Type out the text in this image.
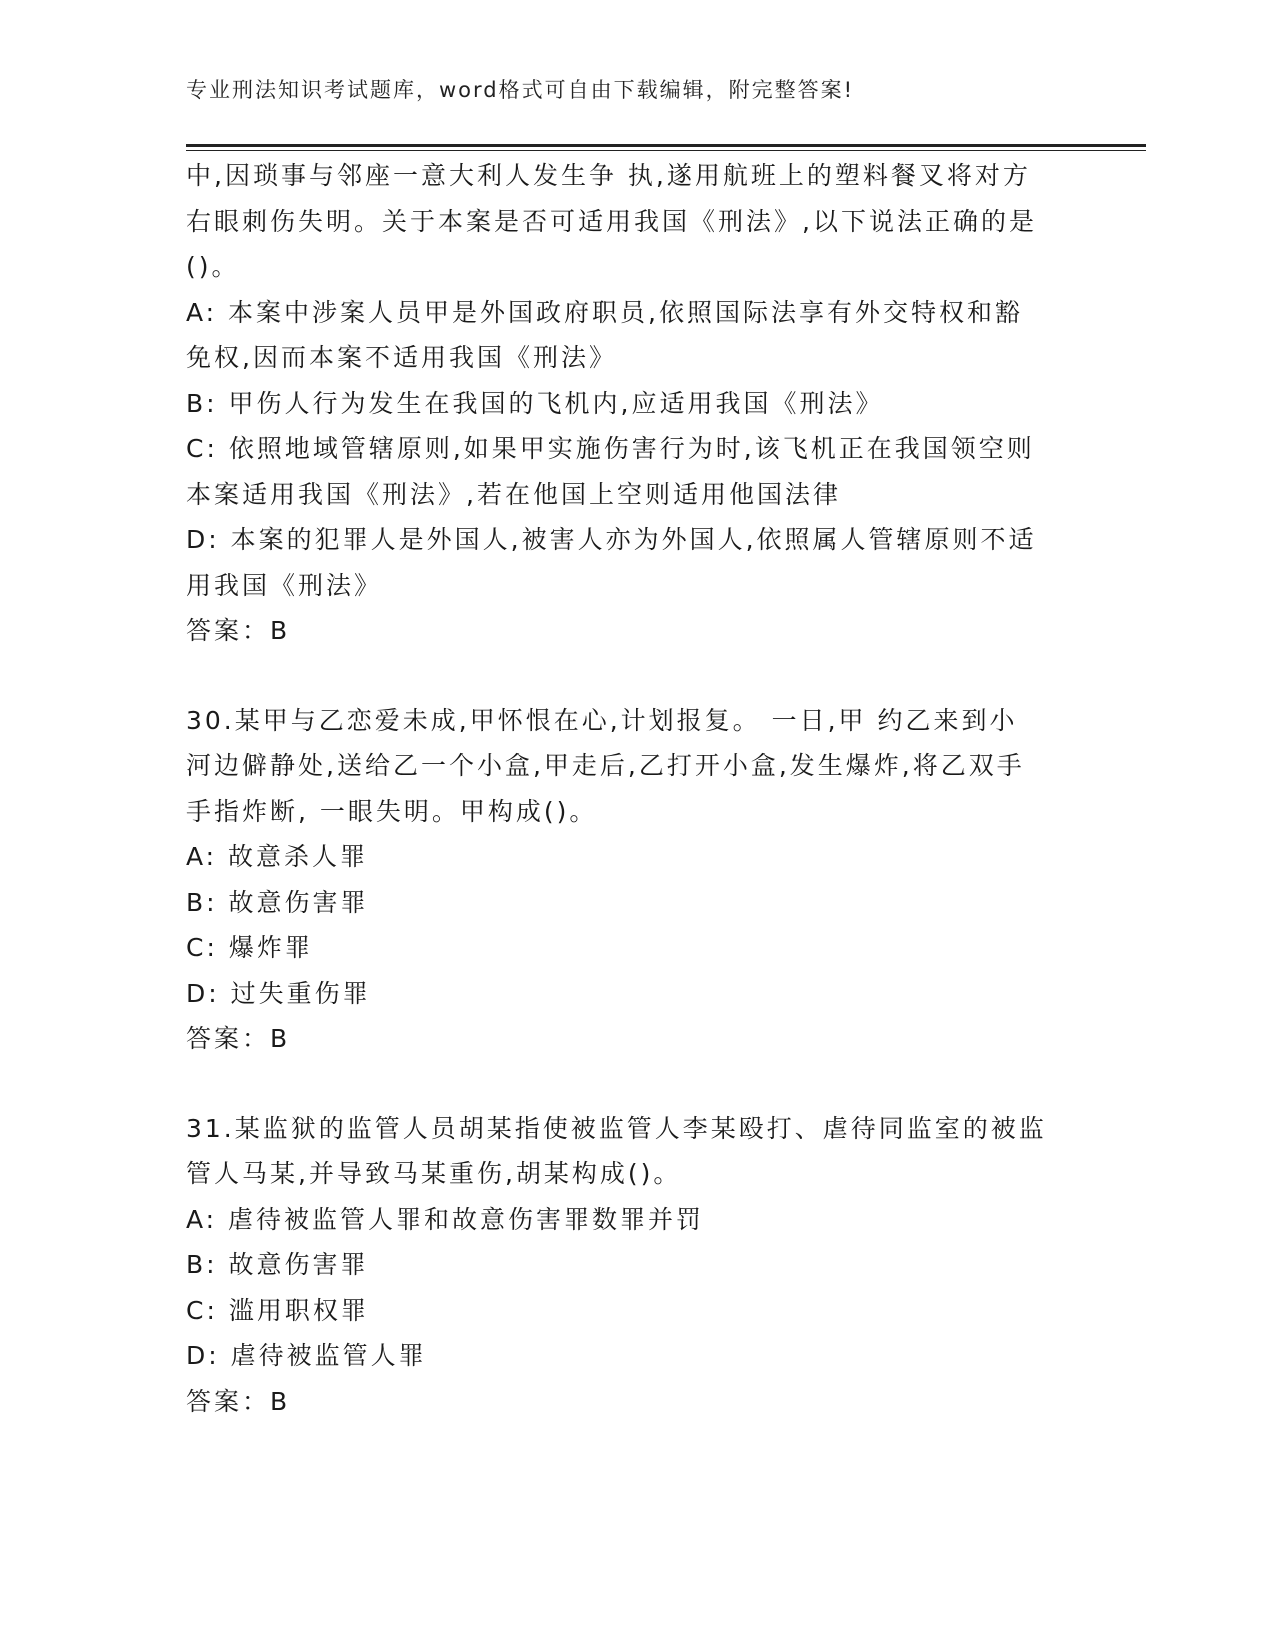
专业刑法知识考试题库，word格式可自由下载编辑，附完整答案!
中,因琐事与邻座一意大利人发生争 执,遂用航班上的塑料餐叉将对方
右眼刺伤失明。关于本案是否可适用我国《刑法》,以下说法正确的是
()。
A: 本案中涉案人员甲是外国政府职员,依照国际法享有外交特权和豁
免权,因而本案不适用我国《刑法》
B: 甲伤人行为发生在我国的飞机内,应适用我国《刑法》
C: 依照地域管辖原则,如果甲实施伤害行为时,该飞机正在我国领空则
本案适用我国《刑法》,若在他国上空则适用他国法律
D: 本案的犯罪人是外国人,被害人亦为外国人,依照属人管辖原则不适
用我国《刑法》
答案：B
30.某甲与乙恋爱未成,甲怀恨在心,计划报复。 一日,甲 约乙来到小
河边僻静处,送给乙一个小盒,甲走后,乙打开小盒,发生爆炸,将乙双手
手指炸断, 一眼失明。甲构成()。
A: 故意杀人罪
B: 故意伤害罪
C: 爆炸罪
D: 过失重伤罪
答案：B
31.某监狱的监管人员胡某指使被监管人李某殴打、虐待同监室的被监
管人马某,并导致马某重伤,胡某构成()。
A: 虐待被监管人罪和故意伤害罪数罪并罚
B: 故意伤害罪
C: 滥用职权罪
D: 虐待被监管人罪
答案：B
